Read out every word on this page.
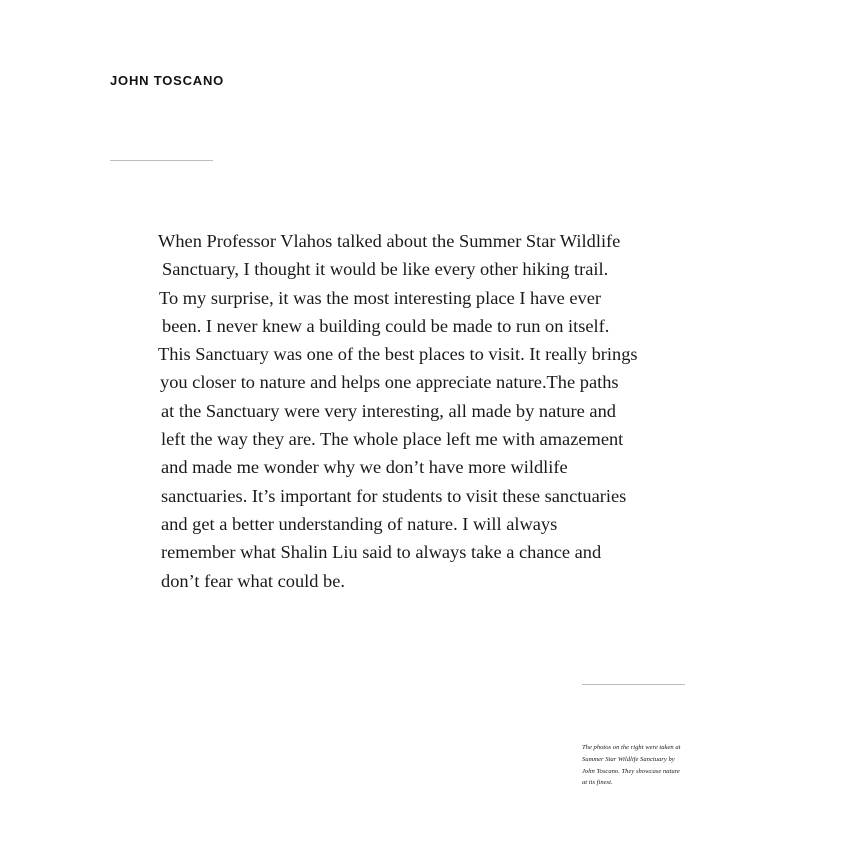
JOHN TOSCANO

When Professor Vlahos talked about the Summer Star Wildlife
Sanctuary, I thought it would be like every other hiking trail.
To my surprise, it was the most interesting place I have ever
been. I never knew a building could be made to run on itself.
This Sanctuary was one of the best places to visit. It really brings
you closer to nature and helps one appreciate nature.The paths
at the Sanctuary were very interesting, all made by nature and
left the way they are. The whole place left me with amazement
and made me wonder why we don’t have more wildlife
sanctuaries. It’s important for students to visit these sanctuaries
and get a better understanding of nature. I will always
remember what Shalin Liu said to always take a chance and
don’t fear what could be.

The photos on the right were taken at
Summer Star Wildlife Sanctuary by
John Toscano. They showcase nature
at its finest.
